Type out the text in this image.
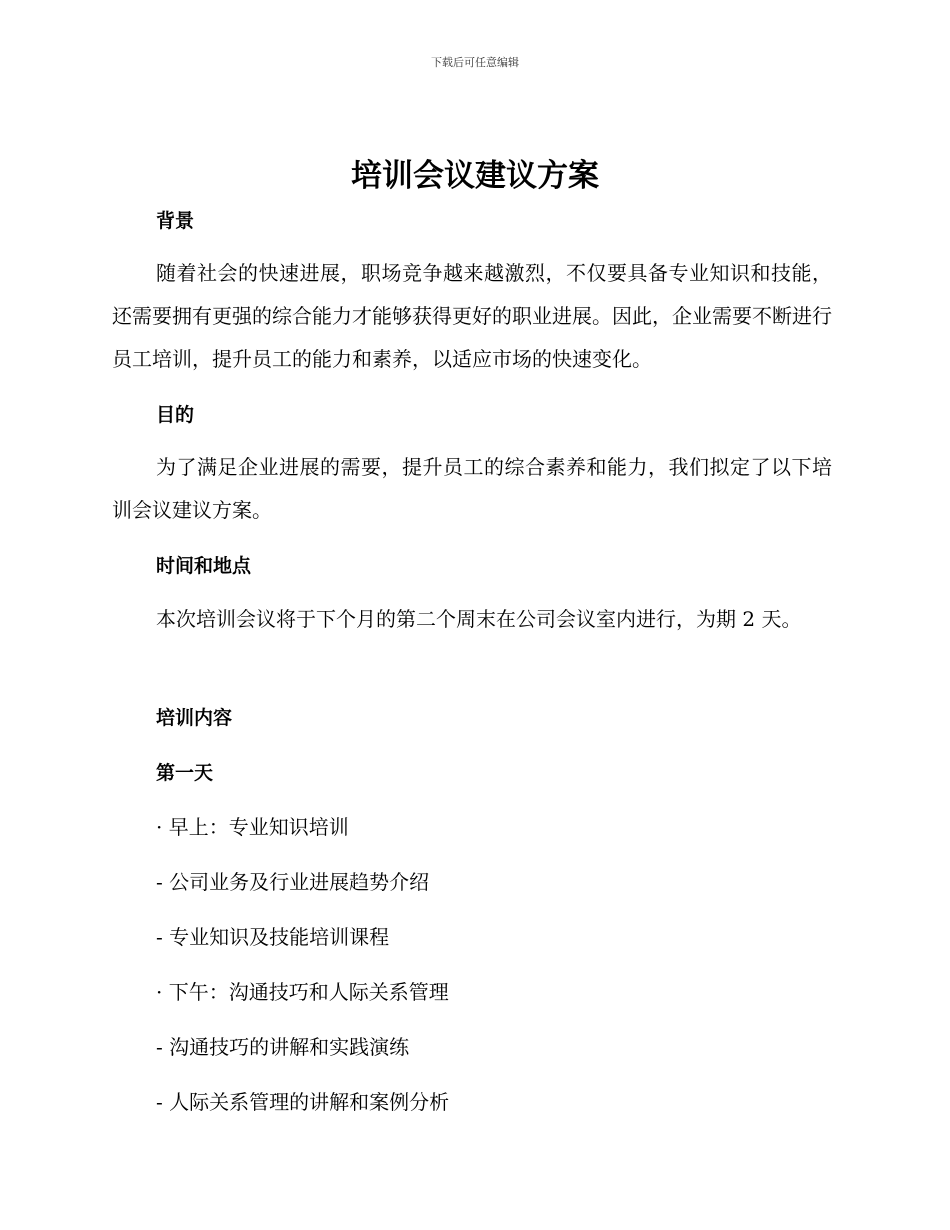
下载后可任意编辑
培训会议建议方案
背景

随着社会的快速进展，职场竞争越来越激烈，不仅要具备专业知识和技能，还需要拥有更强的综合能力才能够获得更好的职业进展。因此，企业需要不断进行员工培训，提升员工的能力和素养，以适应市场的快速变化。

目的

为了满足企业进展的需要，提升员工的综合素养和能力，我们拟定了以下培训会议建议方案。

时间和地点

本次培训会议将于下个月的第二个周末在公司会议室内进行，为期 2 天。

培训内容
第一天

· 早上：专业知识培训

- 公司业务及行业进展趋势介绍

- 专业知识及技能培训课程

· 下午：沟通技巧和人际关系管理

- 沟通技巧的讲解和实践演练

- 人际关系管理的讲解和案例分析
